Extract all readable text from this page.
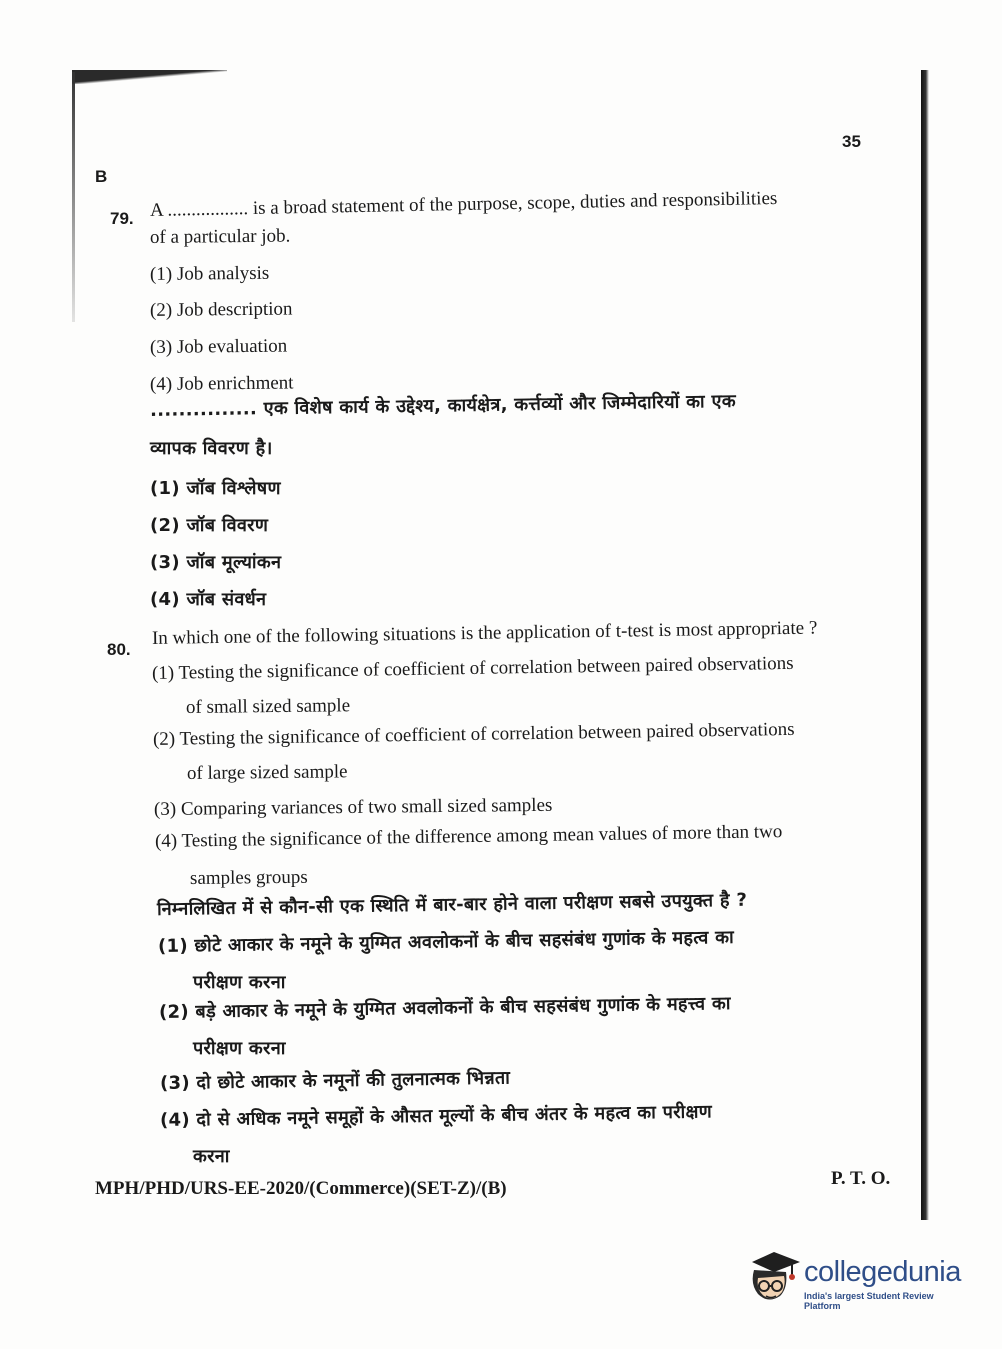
35
B
79. A ................. is a broad statement of the purpose, scope, duties and responsibilities
of a particular job.
(1) Job analysis
(2) Job description
(3) Job evaluation
(4) Job enrichment
............... एक विशेष कार्य के उद्देश्य, कार्यक्षेत्र, कर्त्तव्यों और जिम्मेदारियों का एक
व्यापक विवरण है।
(1) जॉब विश्लेषण
(2) जॉब विवरण
(3) जॉब मूल्यांकन
(4) जॉब संवर्धन
80.
In which one of the following situations is the application of t-test is most appropriate ?
(1) Testing the significance of coefficient of correlation between paired observations
of small sized sample
(2) Testing the significance of coefficient of correlation between paired observations
of large sized sample
(3) Comparing variances of two small sized samples
(4) Testing the significance of the difference among mean values of more than two
samples groups
निम्नलिखित में से कौन-सी एक स्थिति में बार-बार होने वाला परीक्षण सबसे उपयुक्त है ?
(1) छोटे आकार के नमूने के युग्मित अवलोकनों के बीच सहसंबंध गुणांक के महत्व का
परीक्षण करना
(2) बड़े आकार के नमूने के युग्मित अवलोकनों के बीच सहसंबंध गुणांक के महत्त्व का
परीक्षण करना
(3) दो छोटे आकार के नमूनों की तुलनात्मक भिन्नता
(4) दो से अधिक नमूने समूहों के औसत मूल्यों के बीच अंतर के महत्व का परीक्षण
करना
P. T. O.
MPH/PHD/URS-EE-2020/(Commerce)(SET-Z)/(B)
collegedunia
India's largest Student Review Platform
